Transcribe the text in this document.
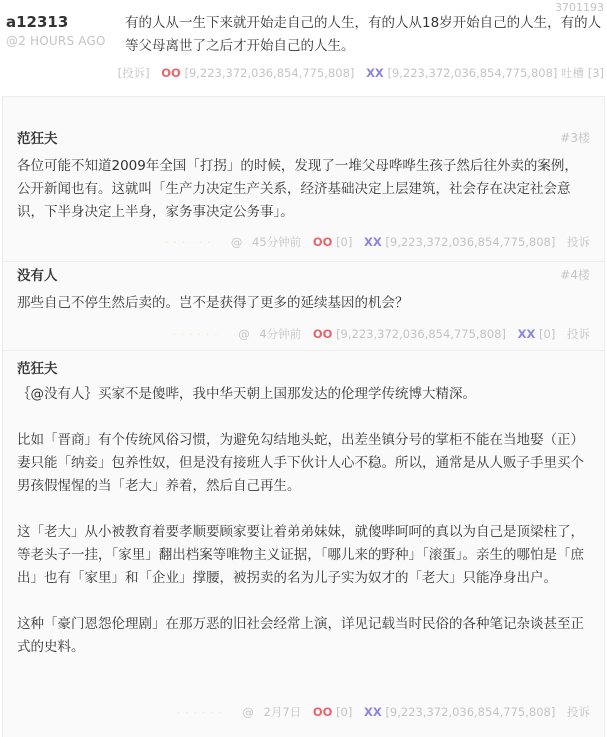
3701193
a12313
@2 HOURS AGO
有的人从一生下来就开始走自己的人生，有的人从18岁开始自己的人生，有的人等父母离世了之后才开始自己的人生。
[投诉] OO [9,223,372,036,854,775,808] XX [9,223,372,036,854,775,808] 吐槽 [3]
范狂夫	#3楼

各位可能不知道2009年全国「打拐」的时候，发现了一堆父母哗哗生孩子然后往外卖的案例，公开新闻也有。这就叫「生产力决定生产关系，经济基础决定上层建筑，社会存在决定社会意识，下半身决定上半身，家务事决定公务事」。

· · · · · · @ 45分钟前 OO [0] XX [9,223,372,036,854,775,808] 投诉
没有人	#4楼

那些自己不停生然后卖的。岂不是获得了更多的延续基因的机会？

· · · · · · @ 4分钟前 OO [9,223,372,036,854,775,808] XX [0] 投诉
范狂夫

｛@没有人｝买家不是傻哔，我中华天朝上国那发达的伦理学传统博大精深。

比如「晋商」有个传统风俗习惯，为避免勾结地头蛇，出差坐镇分号的掌柜不能在当地娶（正）妻只能「纳妾」包养性奴，但是没有接班人手下伙计人心不稳。所以，通常是从人贩子手里买个男孩假惺惺的当「老大」养着，然后自己再生。

这「老大」从小被教育着要孝顺要顾家要让着弟弟妹妹，就傻哔呵呵的真以为自己是顶梁柱了，等老头子一挂，「家里」翻出档案等唯物主义证据，「哪儿来的野种」「滚蛋」。亲生的哪怕是「庶出」也有「家里」和「企业」撑腰，被拐卖的名为儿子实为奴才的「老大」只能净身出户。

这种「豪门恩怨伦理剧」在那万恶的旧社会经常上演，详见记载当时民俗的各种笔记杂谈甚至正式的史料。

· · · · · · @ 2月7日 OO [0] XX [9,223,372,036,854,775,808] 投诉
